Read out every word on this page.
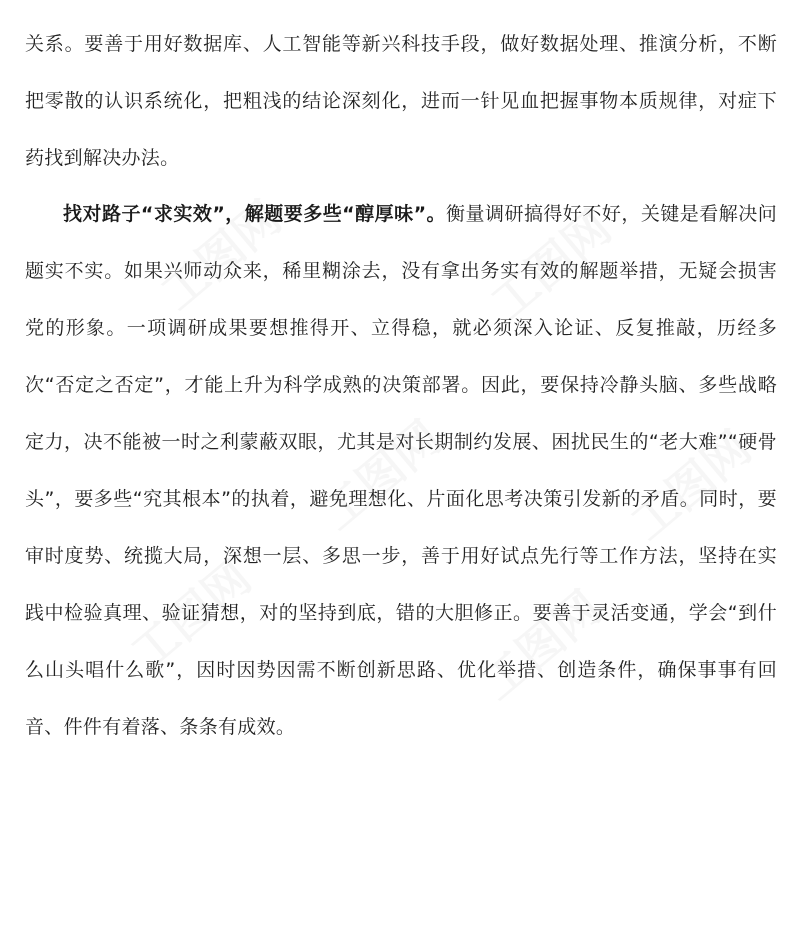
关系。要善于用好数据库、人工智能等新兴科技手段，做好数据处理、推演分析，不断把零散的认识系统化，把粗浅的结论深刻化，进而一针见血把握事物本质规律，对症下药找到解决办法。

找对路子“求实效”，解题要多些“醇厚味”。衡量调研搞得好不好，关键是看解决问题实不实。如果兴师动众来，稀里糊涂去，没有拿出务实有效的解题举措，无疑会损害党的形象。一项调研成果要想推得开、立得稳，就必须深入论证、反复推敲，历经多次“否定之否定”，才能上升为科学成熟的决策部署。因此，要保持冷静头脑、多些战略定力，决不能被一时之利蒙蔽双眼，尤其是对长期制约发展、困扰民生的“老大难”“硬骨头”，要多些“究其根本”的执着，避免理想化、片面化思考决策引发新的矛盾。同时，要审时度势、统揽大局，深想一层、多思一步，善于用好试点先行等工作方法，坚持在实践中检验真理、验证猜想，对的坚持到底，错的大胆修正。要善于灵活变通，学会“到什么山头唱什么歌”，因时因势因需不断创新思路、优化举措、创造条件，确保事事有回音、件件有着落、条条有成效。
